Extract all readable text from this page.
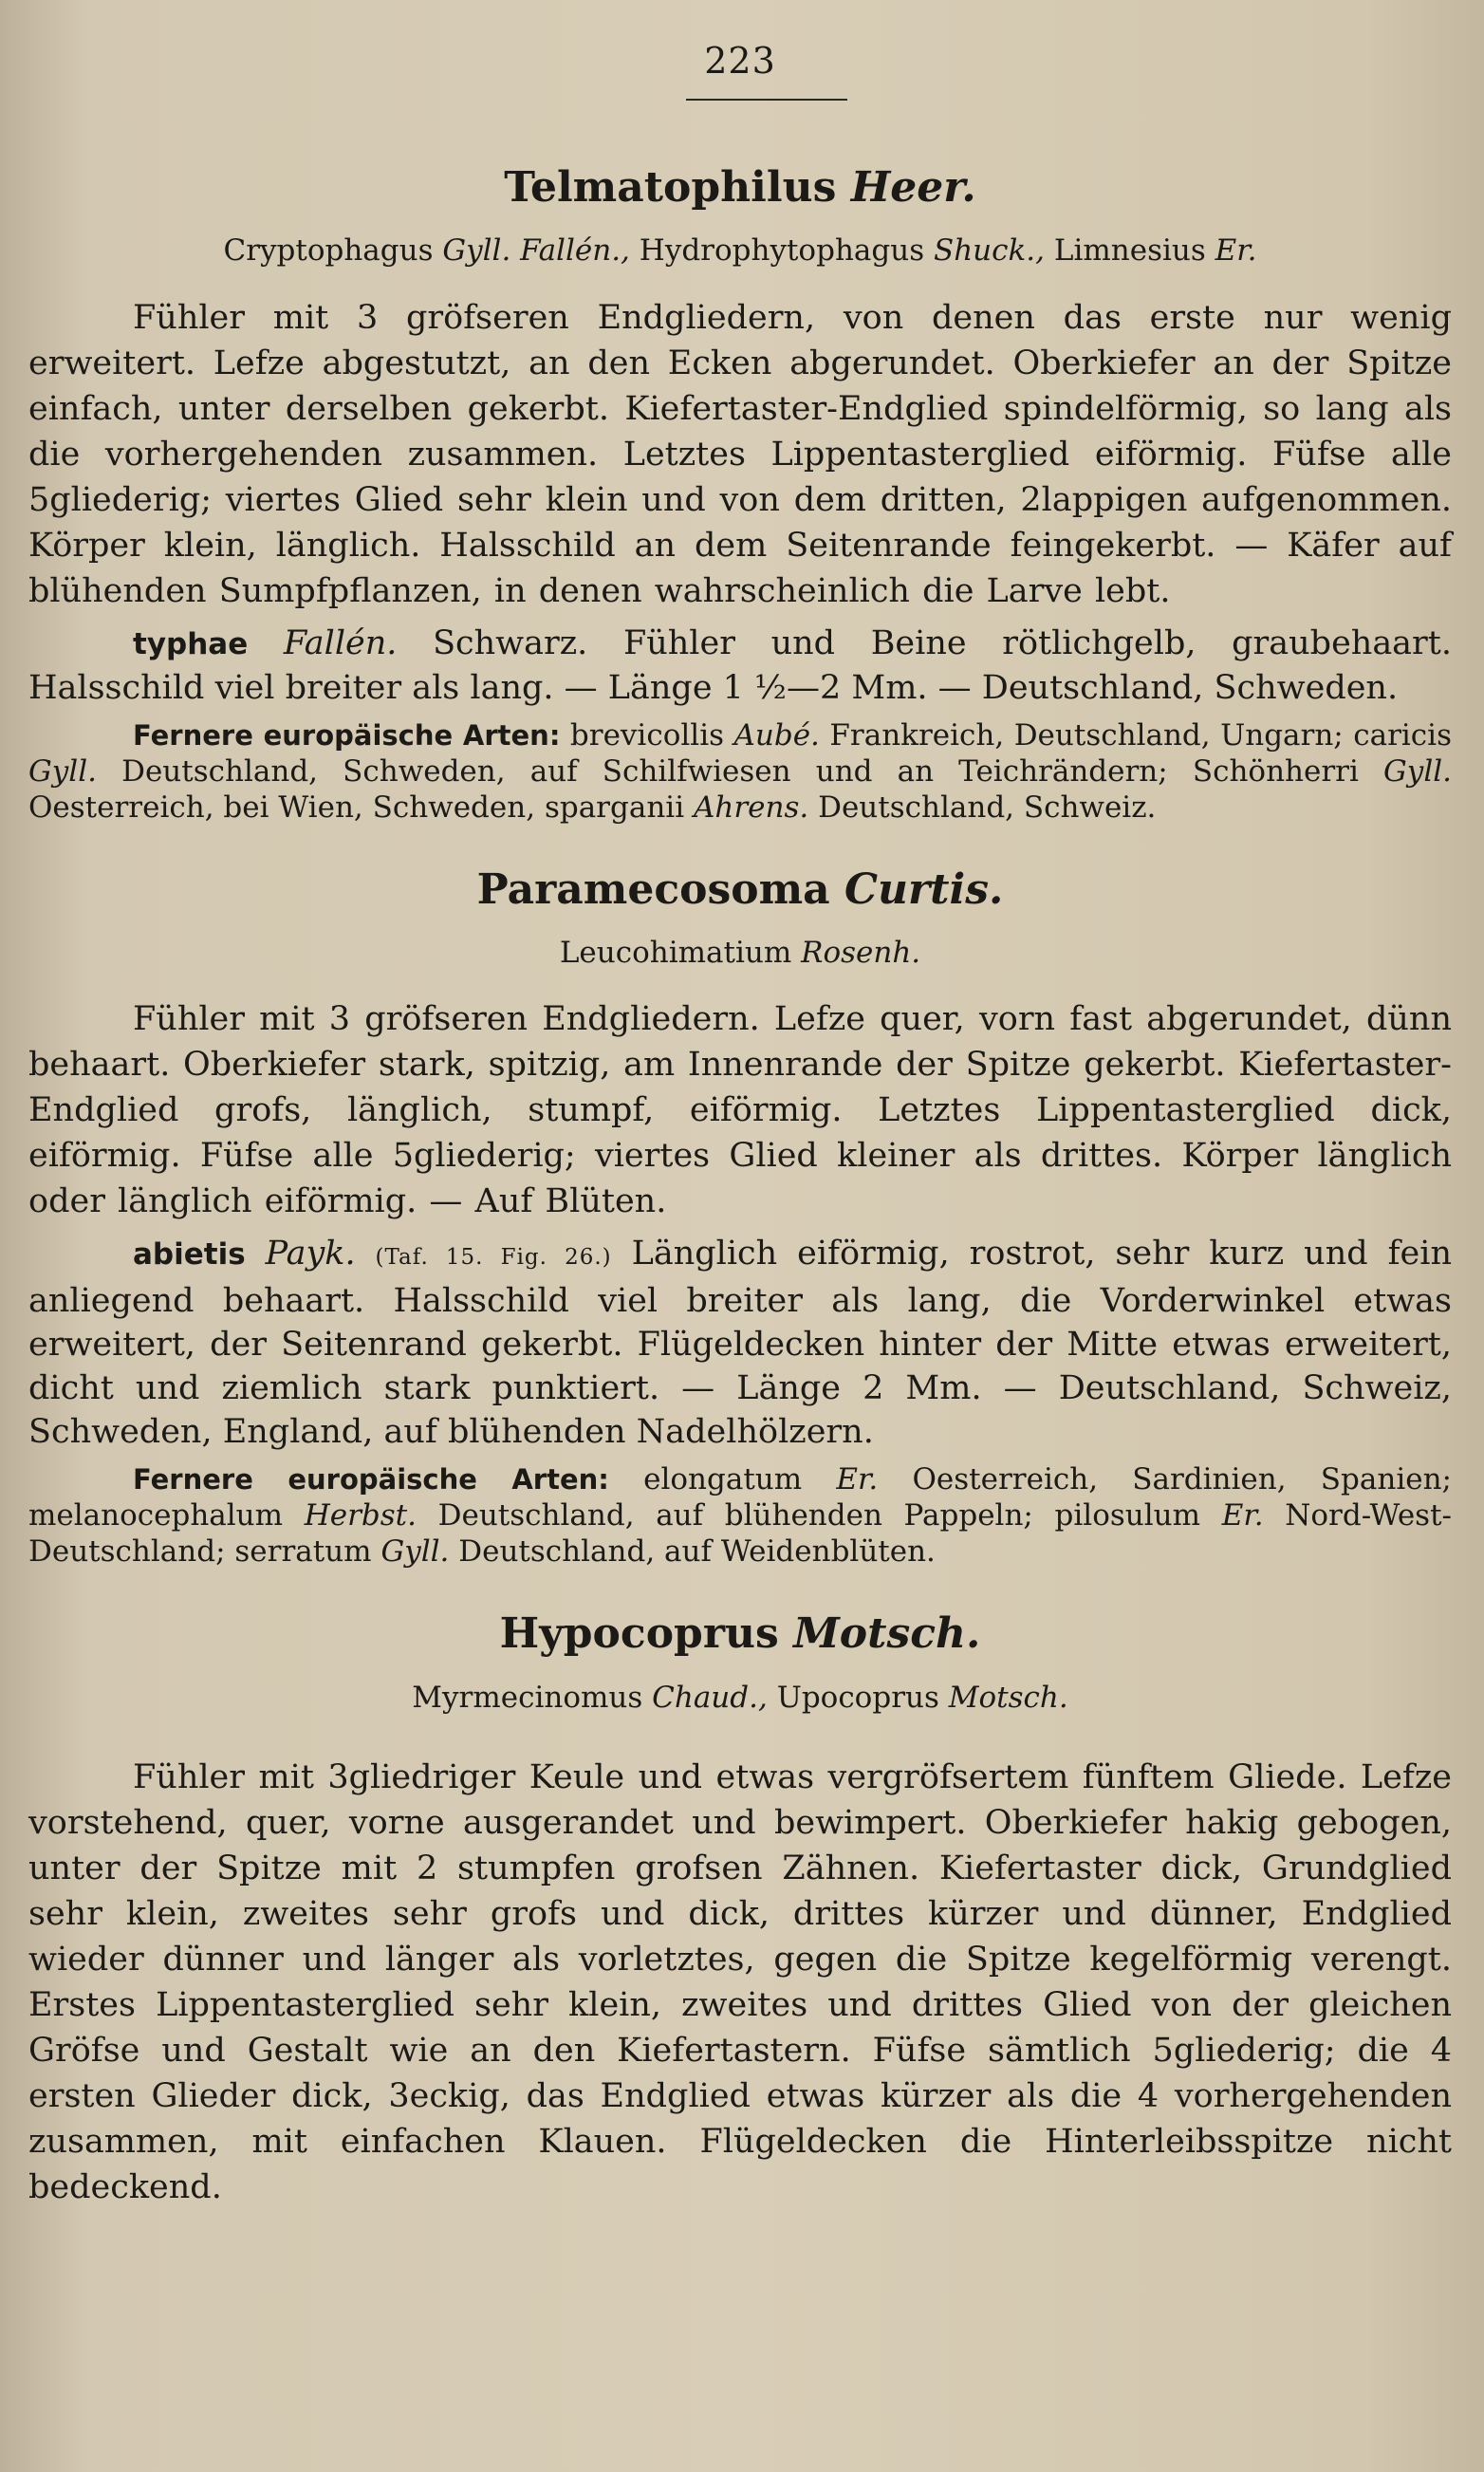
223
Telmatophilus Heer.
Cryptophagus Gyll. Fallén., Hydrophytophagus Shuck., Limnesius Er.

Fühler mit 3 gröfseren Endgliedern, von denen das erste nur wenig erweitert. Lefze abgestutzt, an den Ecken abgerundet. Oberkiefer an der Spitze einfach, unter derselben gekerbt. Kiefertaster-Endglied spindelförmig, so lang als die vorhergehenden zusammen. Letztes Lippentasterglied eiförmig. Füfse alle 5gliederig; viertes Glied sehr klein und von dem dritten, 2lappigen aufgenommen. Körper klein, länglich. Halsschild an dem Seitenrande feingekerbt. — Käfer auf blühenden Sumpfpflanzen, in denen wahrscheinlich die Larve lebt.

typhae Fallén. Schwarz. Fühler und Beine rötlichgelb, graubehaart. Halsschild viel breiter als lang. — Länge 1 ½—2 Mm. — Deutschland, Schweden.

Fernere europäische Arten: brevicollis Aubé. Frankreich, Deutschland, Ungarn; caricis Gyll. Deutschland, Schweden, auf Schilfwiesen und an Teichrändern; Schönherri Gyll. Oesterreich, bei Wien, Schweden, sparganii Ahrens. Deutschland, Schweiz.

Paramecosoma Curtis.
Leucohimatium Rosenh.

Fühler mit 3 gröfseren Endgliedern. Lefze quer, vorn fast abgerundet, dünn behaart. Oberkiefer stark, spitzig, am Innenrande der Spitze gekerbt. Kiefertaster-Endglied grofs, länglich, stumpf, eiförmig. Letztes Lippentasterglied dick, eiförmig. Füfse alle 5gliederig; viertes Glied kleiner als drittes. Körper länglich oder länglich eiförmig. — Auf Blüten.

abietis Payk. (Taf. 15. Fig. 26.) Länglich eiförmig, rostrot, sehr kurz und fein anliegend behaart. Halsschild viel breiter als lang, die Vorderwinkel etwas erweitert, der Seitenrand gekerbt. Flügeldecken hinter der Mitte etwas erweitert, dicht und ziemlich stark punktiert. — Länge 2 Mm. — Deutschland, Schweiz, Schweden, England, auf blühenden Nadelhölzern.

Fernere europäische Arten: elongatum Er. Oesterreich, Sardinien, Spanien; melanocephalum Herbst. Deutschland, auf blühenden Pappeln; pilosulum Er. Nord-West-Deutschland; serratum Gyll. Deutschland, auf Weidenblüten.

Hypocoprus Motsch.
Myrmecinomus Chaud., Upocoprus Motsch.

Fühler mit 3gliedriger Keule und etwas vergröfsertem fünftem Gliede. Lefze vorstehend, quer, vorne ausgerandet und bewimpert. Oberkiefer hakig gebogen, unter der Spitze mit 2 stumpfen grofsen Zähnen. Kiefertaster dick, Grundglied sehr klein, zweites sehr grofs und dick, drittes kürzer und dünner, Endglied wieder dünner und länger als vorletztes, gegen die Spitze kegelförmig verengt. Erstes Lippentasterglied sehr klein, zweites und drittes Glied von der gleichen Gröfse und Gestalt wie an den Kiefertastern. Füfse sämtlich 5gliederig; die 4 ersten Glieder dick, 3eckig, das Endglied etwas kürzer als die 4 vorhergehenden zusammen, mit einfachen Klauen. Flügeldecken die Hinterleibsspitze nicht bedeckend.
